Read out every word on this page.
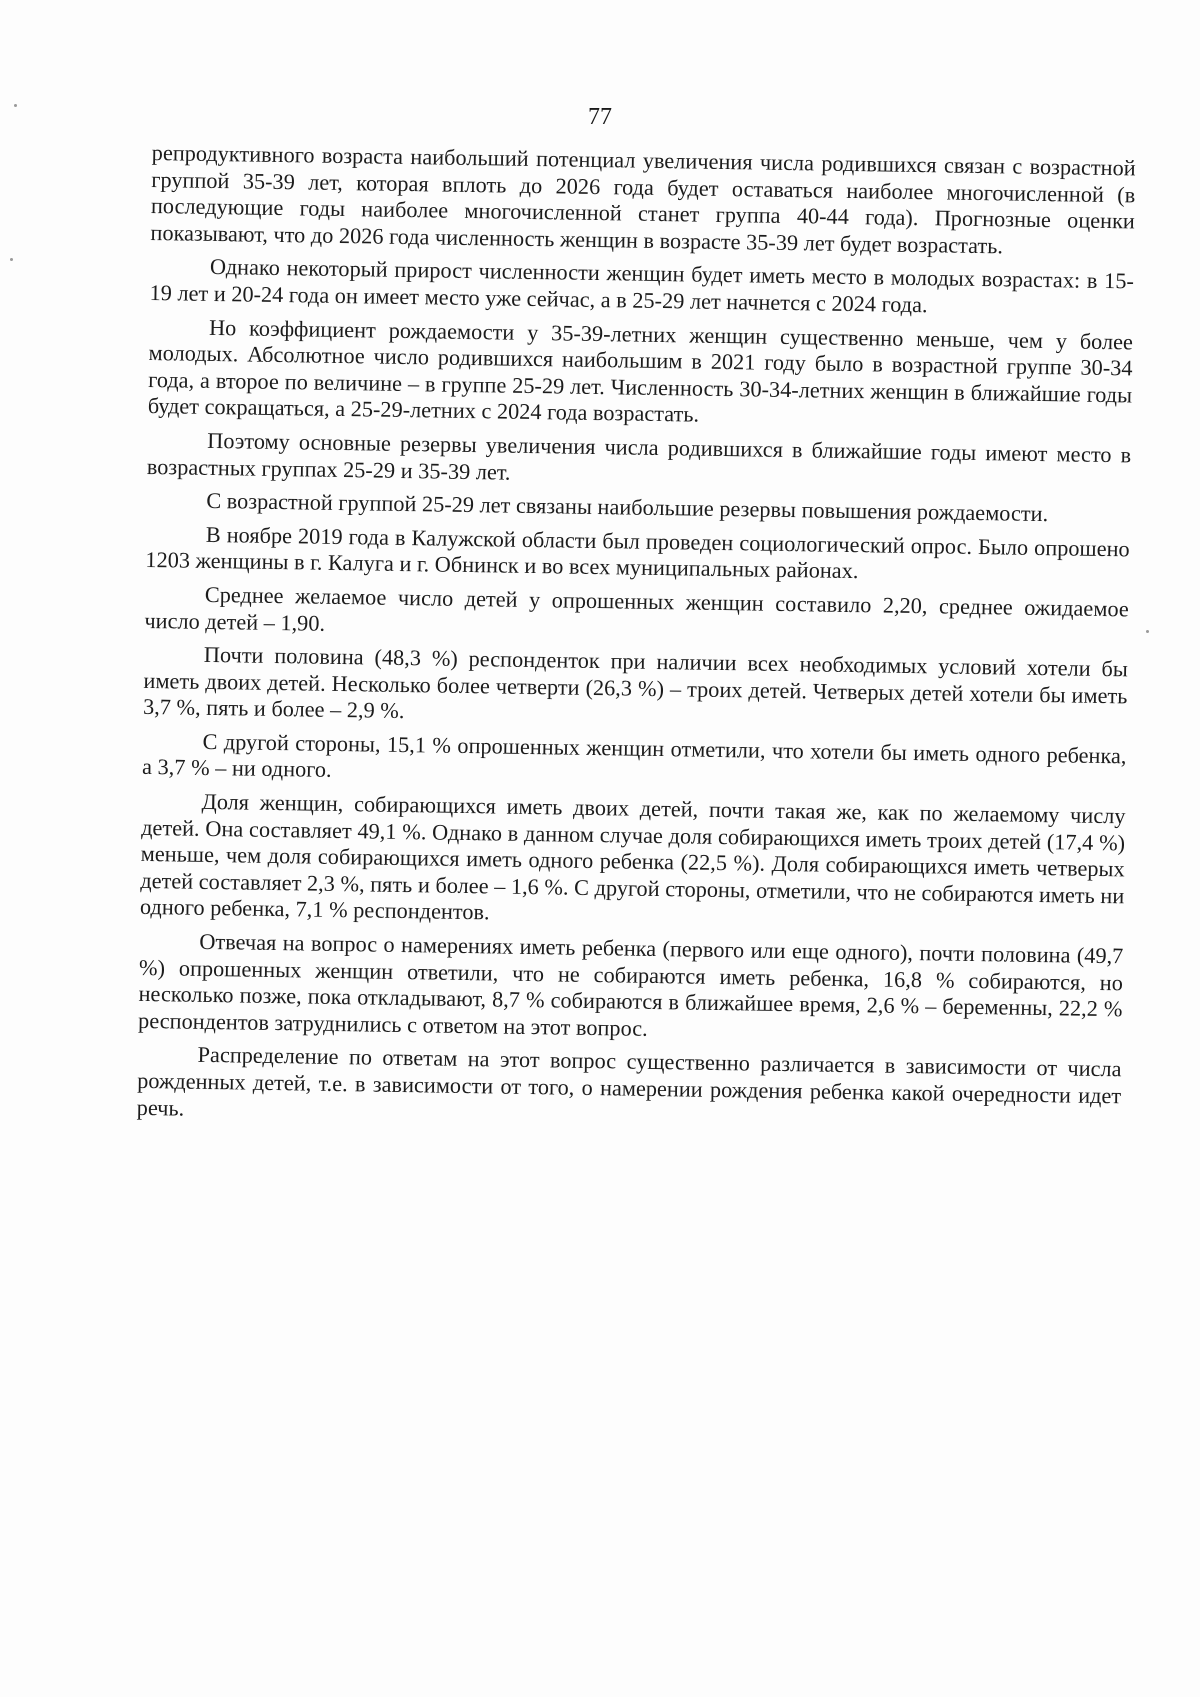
77

репродуктивного возраста наибольший потенциал увеличения числа родившихся связан с возрастной группой 35-39 лет, которая вплоть до 2026 года будет оставаться наиболее многочисленной (в последующие годы наиболее многочисленной станет группа 40-44 года). Прогнозные оценки показывают, что до 2026 года численность женщин в возрасте 35-39 лет будет возрастать.

Однако некоторый прирост численности женщин будет иметь место в молодых возрастах: в 15-19 лет и 20-24 года он имеет место уже сейчас, а в 25-29 лет начнется с 2024 года.

Но коэффициент рождаемости у 35-39-летних женщин существенно меньше, чем у более молодых. Абсолютное число родившихся наибольшим в 2021 году было в возрастной группе 30-34 года, а второе по величине – в группе 25-29 лет. Численность 30-34-летних женщин в ближайшие годы будет сокращаться, а 25-29-летних с 2024 года возрастать.

Поэтому основные резервы увеличения числа родившихся в ближайшие годы имеют место в возрастных группах 25-29 и 35-39 лет.

С возрастной группой 25-29 лет связаны наибольшие резервы повышения рождаемости.

В ноябре 2019 года в Калужской области был проведен социологический опрос. Было опрошено 1203 женщины в г. Калуга и г. Обнинск и во всех муниципальных районах.

Среднее желаемое число детей у опрошенных женщин составило 2,20, среднее ожидаемое число детей – 1,90.

Почти половина (48,3 %) респонденток при наличии всех необходимых условий хотели бы иметь двоих детей. Несколько более четверти (26,3 %) – троих детей. Четверых детей хотели бы иметь 3,7 %, пять и более – 2,9 %.

С другой стороны, 15,1 % опрошенных женщин отметили, что хотели бы иметь одного ребенка, а 3,7 % – ни одного.

Доля женщин, собирающихся иметь двоих детей, почти такая же, как по желаемому числу детей. Она составляет 49,1 %. Однако в данном случае доля собирающихся иметь троих детей (17,4 %) меньше, чем доля собирающихся иметь одного ребенка (22,5 %). Доля собирающихся иметь четверых детей составляет 2,3 %, пять и более – 1,6 %. С другой стороны, отметили, что не собираются иметь ни одного ребенка, 7,1 % респондентов.

Отвечая на вопрос о намерениях иметь ребенка (первого или еще одного), почти половина (49,7 %) опрошенных женщин ответили, что не собираются иметь ребенка, 16,8 % собираются, но несколько позже, пока откладывают, 8,7 % собираются в ближайшее время, 2,6 % – беременны, 22,2 % респондентов затруднились с ответом на этот вопрос.

Распределение по ответам на этот вопрос существенно различается в зависимости от числа рожденных детей, т.е. в зависимости от того, о намерении рождения ребенка какой очередности идет речь.
